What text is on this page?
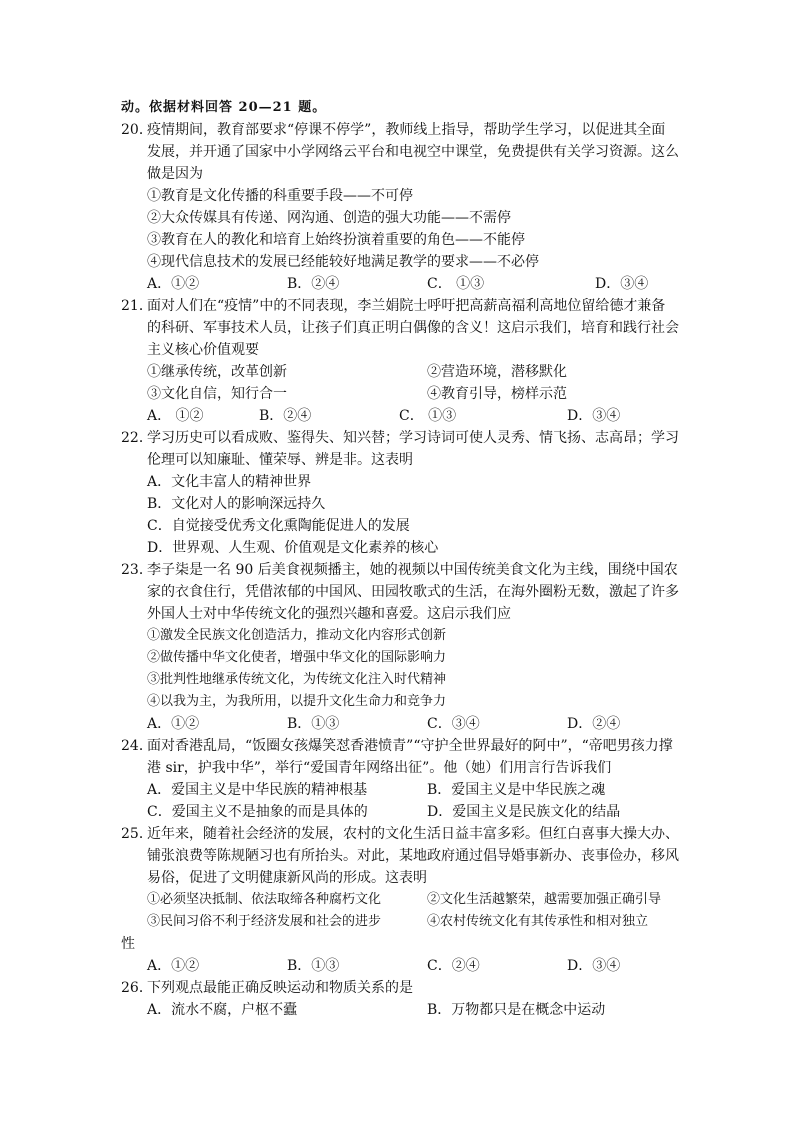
动。依据材料回答 20—21 题。
20．
疫情期间，教育部要求“停课不停学”，教师线上指导，帮助学生学习，以促进其全面
发展，并开通了国家中小学网络云平台和电视空中课堂，免费提供有关学习资源。这么
做是因为
①教育是文化传播的科重要手段——不可停
②大众传媒具有传递、网沟通、创造的强大功能——不需停
③教育在人的教化和培育上始终扮演着重要的角色——不能停
④现代信息技术的发展已经能较好地满足教学的要求——不必停
A．①②	B．②④	C． ①③	D．③④
21．
面对人们在“疫情”中的不同表现，李兰娟院士呼吁把高薪高福利高地位留给德才兼备
的科研、军事技术人员，让孩子们真正明白偶像的含义！这启示我们，培育和践行社会
主义核心价值观要
①继承传统，改革创新	②营造环境，潜移默化
③文化自信，知行合一	④教育引导，榜样示范
A． ①②	B．②④	C． ①③	D．③④
22．
学习历史可以看成败、鉴得失、知兴替；学习诗词可使人灵秀、情飞扬、志高昂；学习
伦理可以知廉耻、懂荣辱、辨是非。这表明
A．文化丰富人的精神世界
B．文化对人的影响深远持久
C．自觉接受优秀文化熏陶能促进人的发展
D．世界观、人生观、价值观是文化素养的核心
23．
李子柒是一名 90 后美食视频播主，她的视频以中国传统美食文化为主线，围绕中国农
家的衣食住行，凭借浓郁的中国风、田园牧歌式的生活，在海外圈粉无数，激起了许多
外国人士对中华传统文化的强烈兴趣和喜爱。这启示我们应
①激发全民族文化创造活力，推动文化内容形式创新
②做传播中华文化使者，增强中华文化的国际影响力
③批判性地继承传统文化，为传统文化注入时代精神
④以我为主，为我所用，以提升文化生命力和竞争力
A．①②	B．①③	C．③④	D．②④
24．
面对香港乱局，“饭圈女孩爆笑怼香港愤青”“守护全世界最好的阿中”，“帝吧男孩力撑
港 sir，护我中华”，举行“爱国青年网络出征”。他（她）们用言行告诉我们
A．爱国主义是中华民族的精神根基	B．爱国主义是中华民族之魂
C．爱国主义不是抽象的而是具体的	D．爱国主义是民族文化的结晶
25．
近年来，随着社会经济的发展，农村的文化生活日益丰富多彩。但红白喜事大操大办、
铺张浪费等陈规陋习也有所抬头。对此，某地政府通过倡导婚事新办、丧事俭办，移风
易俗，促进了文明健康新风尚的形成。这表明
①必须坚决抵制、依法取缔各种腐朽文化	②文化生活越繁荣，越需要加强正确引导
③民间习俗不利于经济发展和社会的进步	④农村传统文化有其传承性和相对独立
性
A．①②	B．①③	C．②④	D．③④
26．
下列观点最能正确反映运动和物质关系的是
A．流水不腐，户枢不蠹	B．万物都只是在概念中运动
